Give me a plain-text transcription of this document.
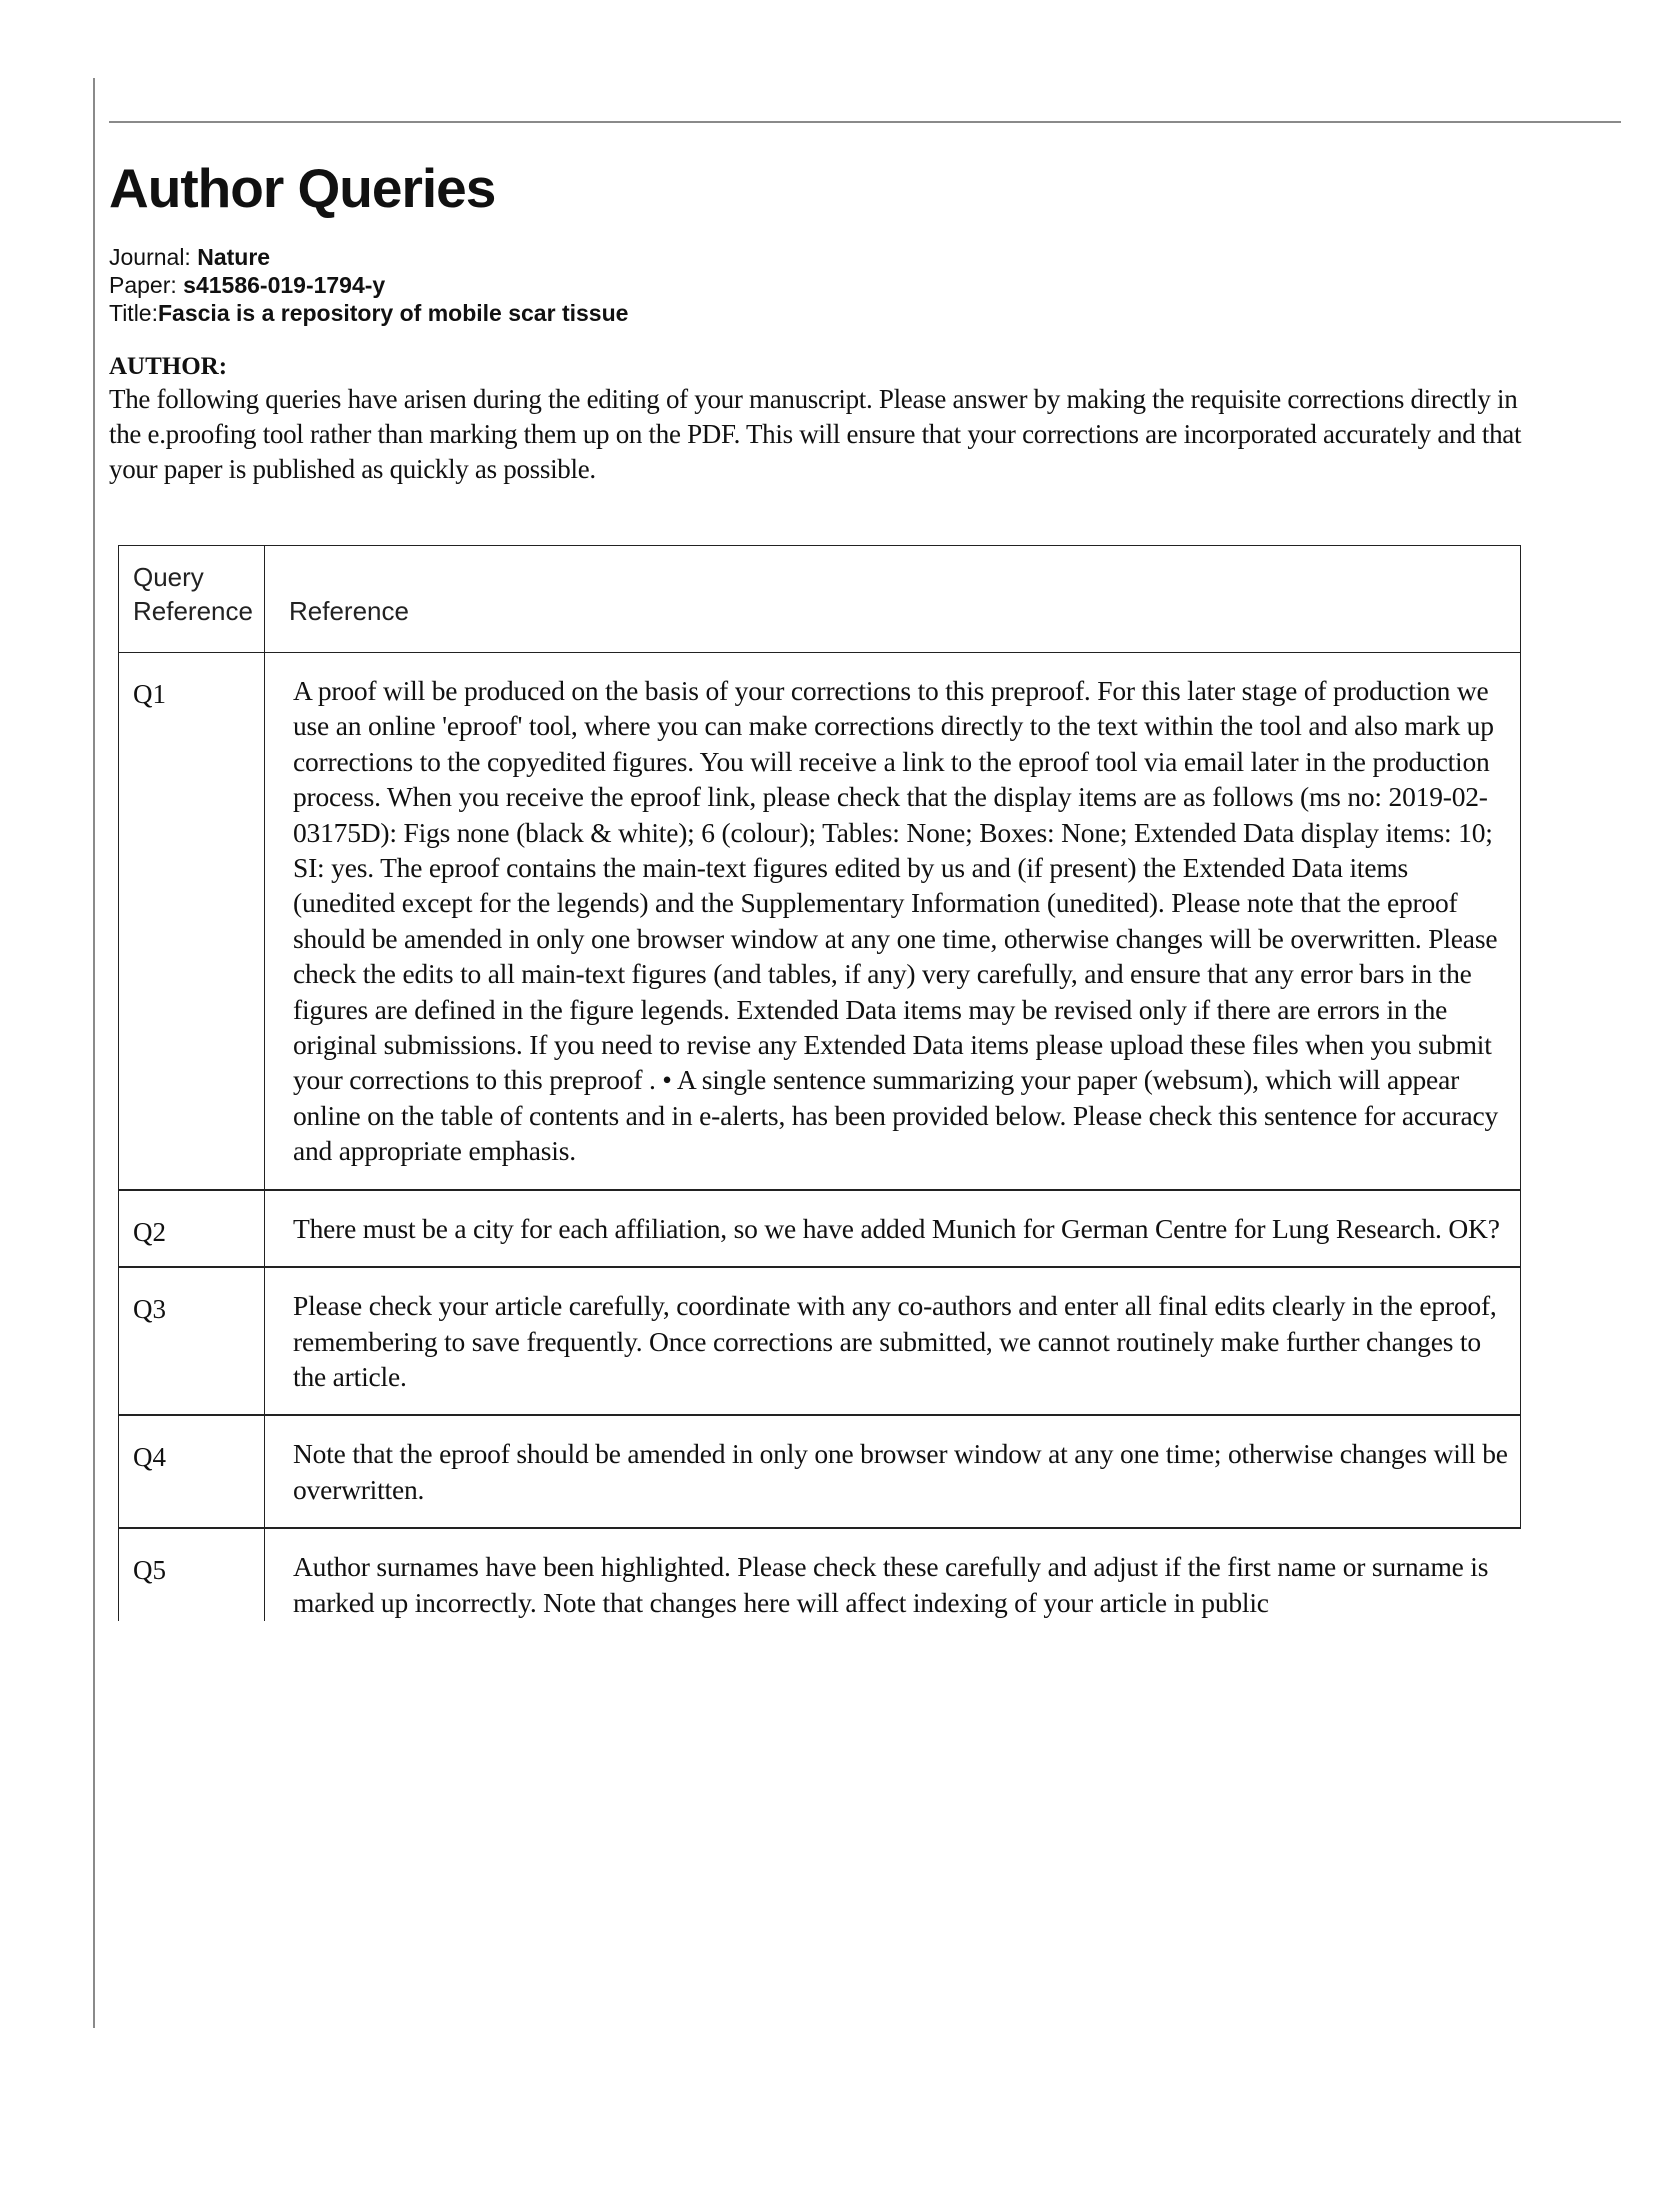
Author Queries
Journal: Nature
Paper: s41586-019-1794-y
Title:Fascia is a repository of mobile scar tissue
AUTHOR:
The following queries have arisen during the editing of your manuscript. Please answer by making the requisite corrections directly in the e.proofing tool rather than marking them up on the PDF. This will ensure that your corrections are incorporated accurately and that your paper is published as quickly as possible.
Query Reference	Reference
Q1	A proof will be produced on the basis of your corrections to this preproof. For this later stage of production we use an online 'eproof' tool, where you can make corrections directly to the text within the tool and also mark up corrections to the copyedited figures. You will receive a link to the eproof tool via email later in the production process. When you receive the eproof link, please check that the display items are as follows (ms no: 2019-02-03175D): Figs none (black & white); 6 (colour); Tables: None; Boxes: None; Extended Data display items: 10; SI: yes. The eproof contains the main-text figures edited by us and (if present) the Extended Data items (unedited except for the legends) and the Supplementary Information (unedited). Please note that the eproof should be amended in only one browser window at any one time, otherwise changes will be overwritten. Please check the edits to all main-text figures (and tables, if any) very carefully, and ensure that any error bars in the figures are defined in the figure legends. Extended Data items may be revised only if there are errors in the original submissions. If you need to revise any Extended Data items please upload these files when you submit your corrections to this preproof . • A single sentence summarizing your paper (websum), which will appear online on the table of contents and in e-alerts, has been provided below. Please check this sentence for accuracy and appropriate emphasis.
Q2	There must be a city for each affiliation, so we have added Munich for German Centre for Lung Research. OK?
Q3	Please check your article carefully, coordinate with any co-authors and enter all final edits clearly in the eproof, remembering to save frequently. Once corrections are submitted, we cannot routinely make further changes to the article.
Q4	Note that the eproof should be amended in only one browser window at any one time; otherwise changes will be overwritten.
Q5	Author surnames have been highlighted. Please check these carefully and adjust if the first name or surname is marked up incorrectly. Note that changes here will affect indexing of your article in public
